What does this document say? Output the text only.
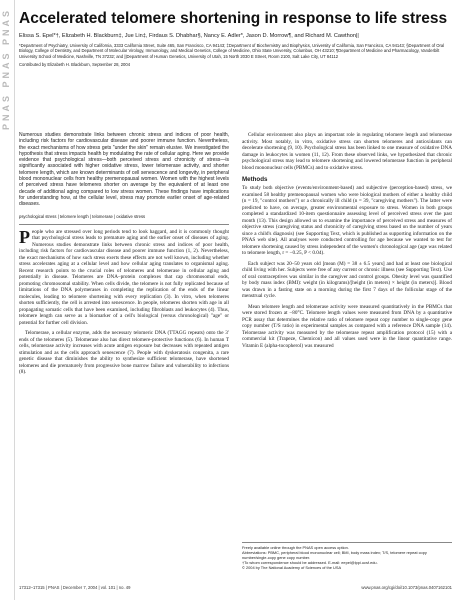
PNAS PNAS PNAS Accelerated telomere shortening in response to life stress

Elissa S. Epel*†, Elizabeth H. Blackburn‡, Jue Lin‡, Firdaus S. Dhabhar§, Nancy E. Adler*, Jason D. Morrow¶, and Richard M. Cawthon||

*Department of Psychiatry, University of California, 3333 California Street, Suite 465, San Francisco, CA 94143; ‡Department of Biochemistry and Biophysics, University of California, San Francisco, CA 94143; §Department of Oral Biology, College of Dentistry, and Department of Molecular Virology, Immunology, and Medical Genetics, College of Medicine, Ohio State University, Columbus, OH 43210; ¶Department of Medicine and Pharmacology, Vanderbilt University School of Medicine, Nashville, TN 37232; and ||Department of Human Genetics, University of Utah, 15 North 2030 E Street, Room 2100, Salt Lake City, UT 84112

Contributed by Elizabeth H. Blackburn, September 28, 2004

Numerous studies demonstrate links between chronic stress and indices of poor health, including risk factors for cardiovascular disease and poorer immune function. Nevertheless, the exact mechanisms of how stress gets "under the skin" remain elusive. We investigated the hypothesis that stress impacts health by modulating the rate of cellular aging. Here we provide evidence that psychological stress—both perceived stress and chronicity of stress—is significantly associated with higher oxidative stress, lower telomerase activity, and shorter telomere length, which are known determinants of cell senescence and longevity, in peripheral blood mononuclear cells from healthy premenopausal women. Women with the highest levels of perceived stress have telomeres shorter on average by the equivalent of at least one decade of additional aging compared to low stress women. These findings have implications for understanding how, at the cellular level, stress may promote earlier onset of age-related diseases.

psychological stress | telomere length | telomerase | oxidative stress

People who are stressed over long periods tend to look haggard, and it is commonly thought that psychological stress leads to premature aging and the earlier onset of diseases of aging. Numerous studies demonstrate links between chronic stress and indices of poor health, including risk factors for cardiovascular disease and poorer immune function (1, 2). Nevertheless, the exact mechanisms of how such stress exerts these effects are not well known, including whether stress accelerates aging at a cellular level and how cellular aging translates to organismal aging. Recent research points to the crucial roles of telomeres and telomerase in cellular aging and potentially in disease. Telomeres are DNA–protein complexes that cap chromosomal ends, promoting chromosomal stability. When cells divide, the telomere is not fully replicated because of limitations of the DNA polymerases in completing the replication of the ends of the linear molecules, leading to telomere shortening with every replication (3). In vitro, when telomeres shorten sufficiently, the cell is arrested into senescence. In people, telomeres shorten with age in all propagating somatic cells that have been examined, including fibroblasts and leukocytes (4). Thus, telomere length can serve as a biomarker of a cell's biological (versus chronological) "age" or potential for further cell division.

Telomerase, a cellular enzyme, adds the necessary telomeric DNA (TTAGG repeats) onto the 3′ ends of the telomeres (5). Telomerase also has direct telomere-protective functions (6). In human T cells, telomerase activity increases with acute antigen exposure but decreases with repeated antigen stimulation and as the cells approach senescence (7). People with dyskeratosis congenita, a rare genetic disease that diminishes the ability to synthesize sufficient telomerase, have shortened telomeres and die prematurely from progressive bone marrow failure and vulnerability to infections (8).

Cellular environment also plays an important role in regulating telomere length and telomerase activity. Most notably, in vitro, oxidative stress can shorten telomeres and antioxidants can decelerate shortening (9, 10). Psychological stress has been linked to one measure of oxidative DNA damage in leukocytes in women (11, 12). From these observed links, we hypothesized that chronic psychological stress may lead to telomere shortening and lowered telomerase function in peripheral blood mononuclear cells (PBMCs) and to oxidative stress.

Methods

To study both objective (events/environment-based) and subjective (perception-based) stress, we examined 58 healthy premenopausal women who were biological mothers of either a healthy child (n = 19, "control mothers") or a chronically ill child (n = 39, "caregiving mothers"). The latter were predicted to have, on average, greater environmental exposure to stress. Women in both groups completed a standardized 10-item questionnaire assessing level of perceived stress over the past month (13). This design allowed us to examine the importance of perceived stress and measures of objective stress (caregiving status and chronicity of caregiving stress based on the number of years since a child's diagnosis) (see Supporting Text, which is published as supporting information on the PNAS web site). All analyses were conducted controlling for age because we wanted to test for telomere shortening caused by stress independent of the women's chronological age (age was related to telomere length, r = −0.25, P < 0.04).

Each subject was 20–50 years old [mean (M) = 38 ± 6.5 years] and had at least one biological child living with her. Subjects were free of any current or chronic illness (see Supporting Text). Use of oral contraceptives was similar in the caregiver and control groups. Obesity level was quantified by body mass index (BMI): weight (in kilograms)/[height (in meters) × height (in meters)]. Blood was drawn in a fasting state on a morning during the first 7 days of the follicular stage of the menstrual cycle.

Mean telomere length and telomerase activity were measured quantitatively in the PBMCs that were stored frozen at −80°C. Telomere length values were measured from DNA by a quantitative PCR assay that determines the relative ratio of telomere repeat copy number to single-copy gene copy number (T/S ratio) in experimental samples as compared with a reference DNA sample (14). Telomerase activity was measured by the telomerase repeat amplification protocol (15) with a commercial kit (Trapeze, Chemicon) and all values used were in the linear quantitative range. Vitamin E (alpha-tocopherol) was measured

Freely available online through the PNAS open access option.

Abbreviations: PBMC, peripheral blood mononuclear cell; BMI, body mass index; T/S, telomere repeat copy number/single-copy gene copy number.

†To whom correspondence should be addressed. E-mail: eepel@lppi.ucsf.edu.

© 2004 by The National Academy of Sciences of the USA

17312–17315 | PNAS | December 7, 2004 | vol. 101 | no. 49	www.pnas.org/cgi/doi/10.1073/pnas.0407162101
